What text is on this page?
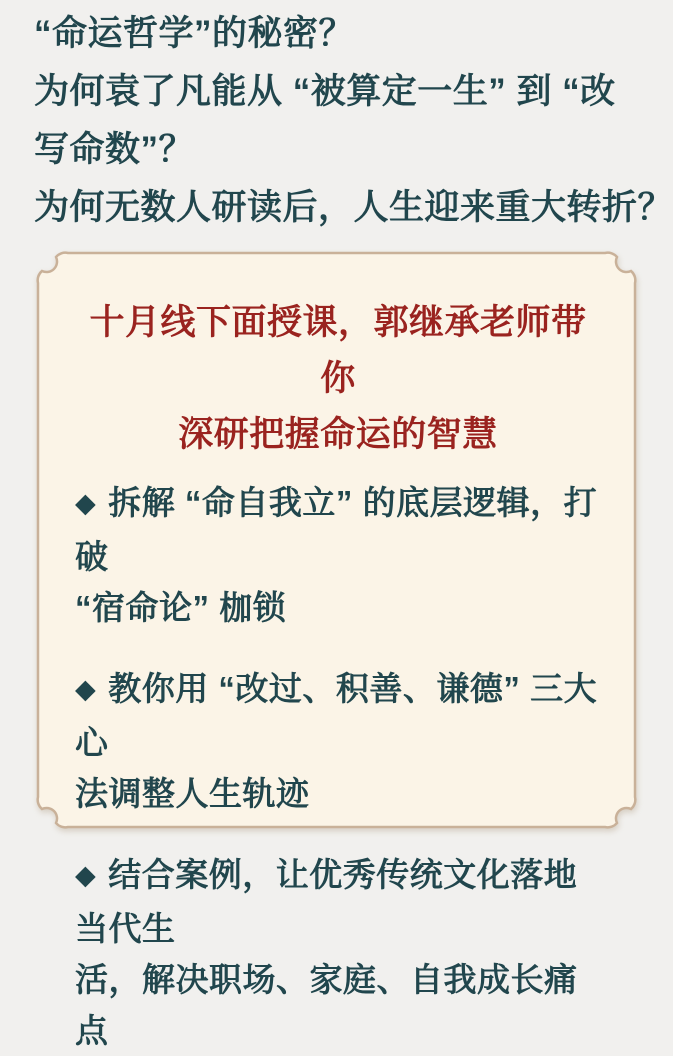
“命运哲学”的秘密？

为何袁了凡能从 “被算定一生” 到 “改

写命数”？

为何无数人研读后，人生迎来重大转折？

十月线下面授课，郭继承老师带你
深研把握命运的智慧

◆ 拆解 “命自我立” 的底层逻辑，打破
“宿命论” 枷锁

◆ 教你用 “改过、积善、谦德” 三大心
法调整人生轨迹

◆ 结合案例，让优秀传统文化落地当代生
活，解决职场、家庭、自我成长痛点
